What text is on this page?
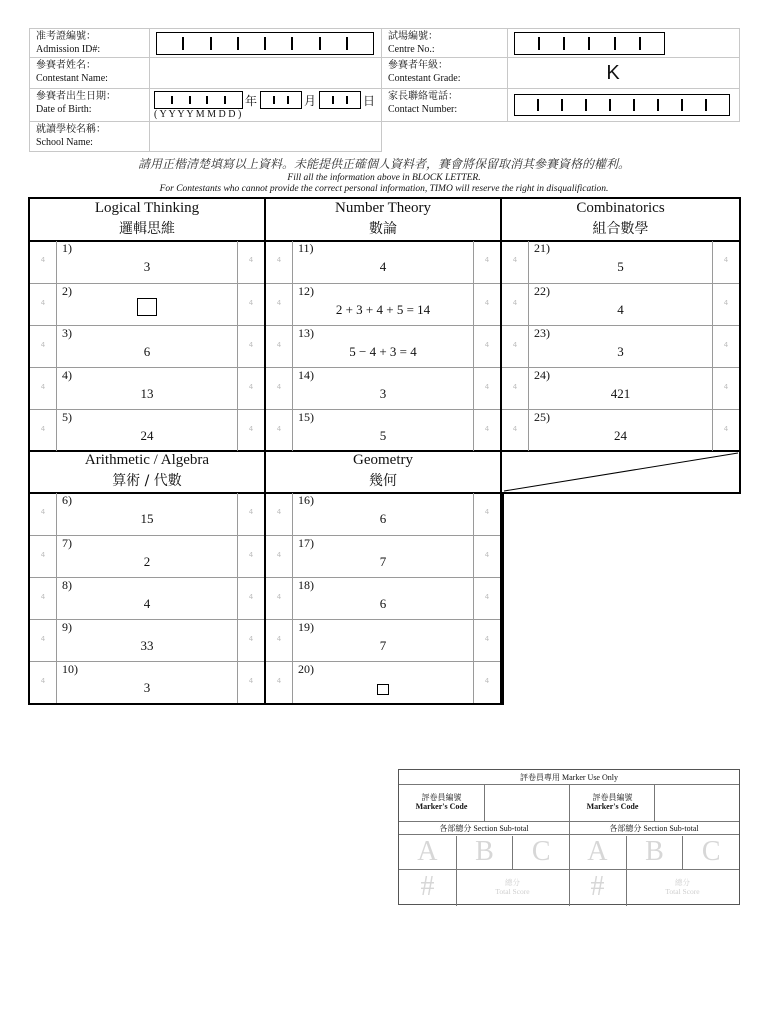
准考證編號：
Admission ID#:
試場編號：
Centre No.:
參賽者姓名：
Contestant Name:
參賽者年級：
Contestant Grade:	K
參賽者出生日期：
Date of Birth:
年	月	日
( Y Y Y Y M M D D )
家長聯絡電話：
Contact Number:
就讀學校名稱：
School Name:
請用正楷清楚填寫以上資料。未能提供正確個人資料者，賽會將保留取消其參賽資格的權利。
Fill all the information above in BLOCK LETTER.
For Contestants who cannot provide the correct personal information, TIMO will reserve the right in disqualification.
Logical Thinking
邏輯思維
Number Theory
數論
Combinatorics
組合數學
Arithmetic / Algebra
算術 / 代數
Geometry
幾何
4
1)
3	4
4
2)
4
4
3)
6	4
4
4)
13	4
4
5)
24	4
4
11)
4	4
4
12)
2 + 3 + 4 + 5 = 14	4
4
13)
5 − 4 + 3 = 4	4
4
14)
3	4
4
15)
5	4
4
21)
5	4
4
22)
4	4
4
23)
3	4
4
24)
421	4
4
25)
24	4
4
6)
15	4
4
7)
2	4
4
8)
4	4
4
9)
33	4
4
10)
3	4
4
16)
6	4
4
17)
7	4
4
18)
6	4
4
19)
7	4
4
20)
4
評卷員專用 Marker Use Only
評卷員編號
Marker's Code
評卷員編號
Marker's Code
各部總分 Section Sub-total	各部總分 Section Sub-total
A	B	C	A	B	C
#	總分
Total Score	#	總分
Total Score
